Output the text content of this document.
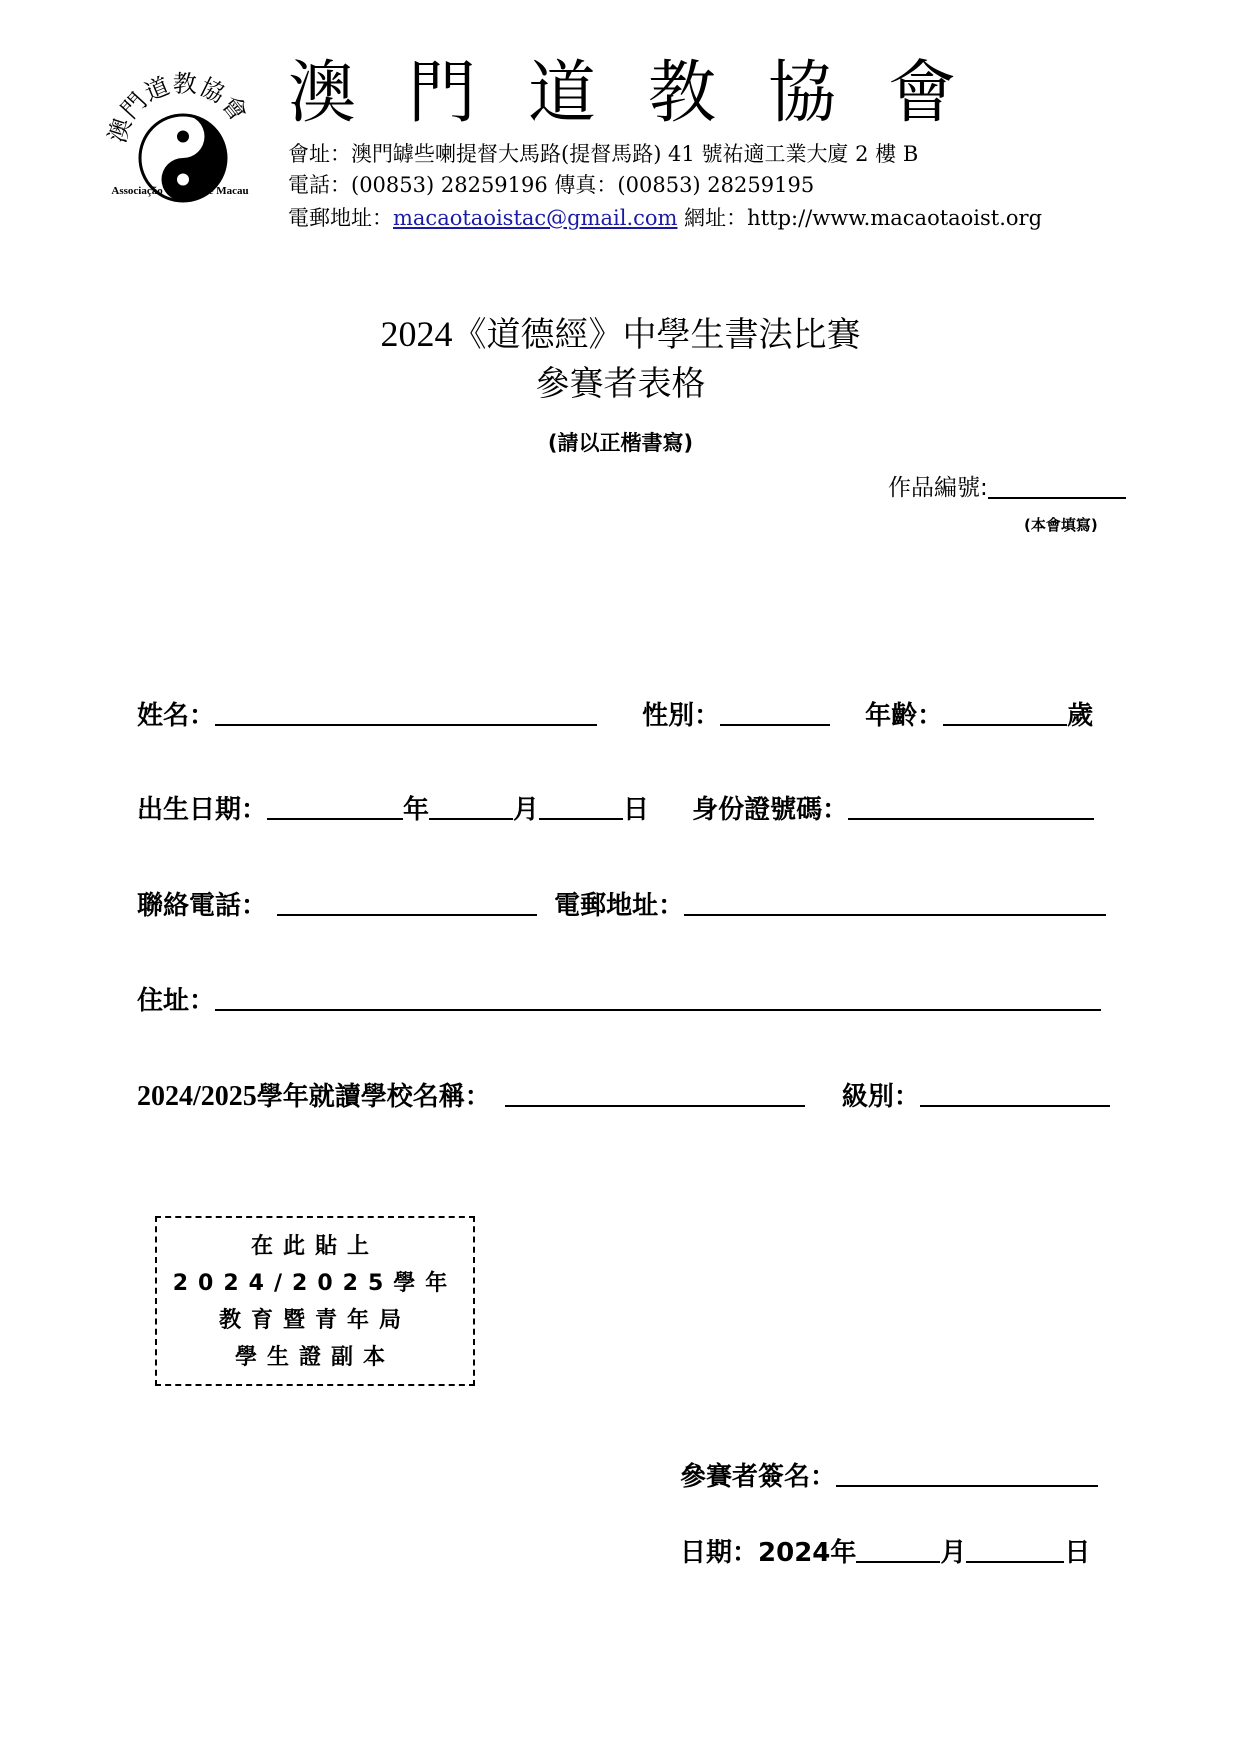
澳門道教協會
Associação Tauista de Macau
澳門道教協會
會址：澳門罅些喇提督大馬路(提督馬路) 41 號祐適工業大廈 2 樓 B
電話：(00853) 28259196 傳真：(00853) 28259195
電郵地址：macaotaoistac@gmail.com 網址：http://www.macaotaoist.org
2024《道德經》中學生書法比賽
參賽者表格
(請以正楷書寫)
作品編號:
(本會填寫)
姓名：	性別：	年齡：	歲
出生日期：	年	月	日 身份證號碼：
聯絡電話：	電郵地址：
住址：
2024/2025學年就讀學校名稱：	級別：
在此貼上
2024/2025學年
教育暨青年局
學生證副本
參賽者簽名：
日期：2024年	月	日
